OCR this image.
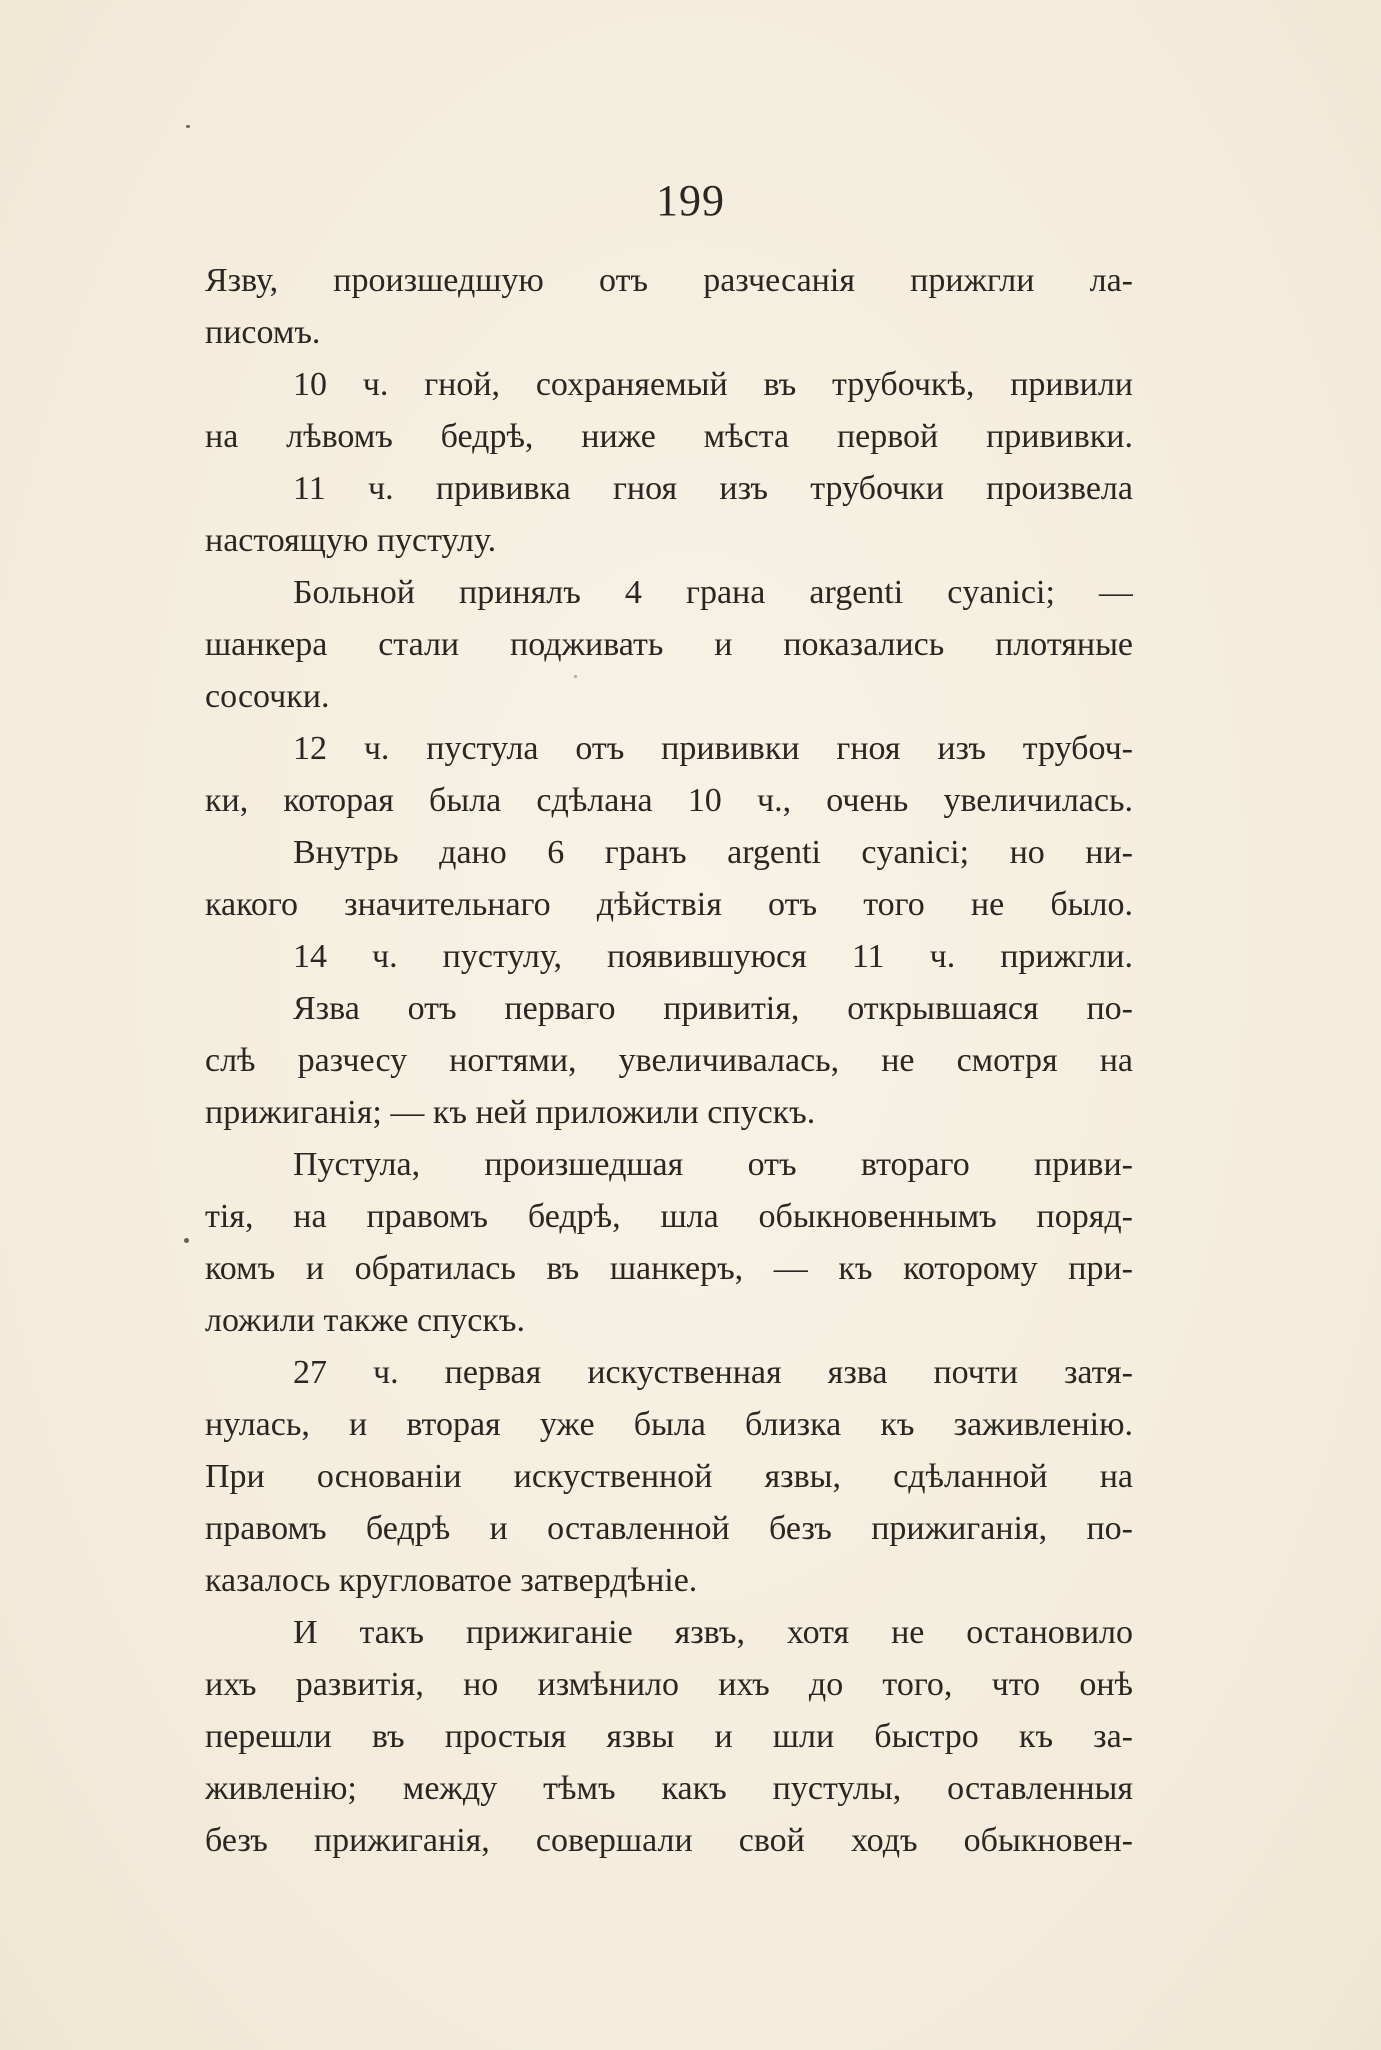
199
Язву, произшедшую отъ разчесанія прижгли ла-
писомъ.
10 ч. гной, сохраняемый въ трубочкѣ, привили
на лѣвомъ бедрѣ, ниже мѣста первой прививки.
11 ч. прививка гноя изъ трубочки произвела
настоящую пустулу.
Больной принялъ 4 грана argenti cyanici; —
шанкера стали подживать и показались плотяные
сосочки.
12 ч. пустула отъ прививки гноя изъ трубоч-
ки, которая была сдѣлана 10 ч., очень увеличилась.
Внутрь дано 6 гранъ argenti cyanici; но ни-
какого значительнаго дѣйствія отъ того не было.
14 ч. пустулу, появившуюся 11 ч. прижгли.
Язва отъ перваго привитія, открывшаяся по-
слѣ разчесу ногтями, увеличивалась, не смотря на
прижиганія; — къ ней приложили спускъ.
Пустула, произшедшая отъ втораго приви-
тія, на правомъ бедрѣ, шла обыкновеннымъ поряд-
комъ и обратилась въ шанкеръ, — къ которому при-
ложили также спускъ.
27 ч. первая искуственная язва почти затя-
нулась, и вторая уже была близка къ заживленію.
При основаніи искуственной язвы, сдѣланной на
правомъ бедрѣ и оставленной безъ прижиганія, по-
казалось кругловатое затвердѣніе.
И такъ прижиганіе язвъ, хотя не остановило
ихъ развитія, но измѣнило ихъ до того, что онѣ
перешли въ простыя язвы и шли быстро къ за-
живленію; между тѣмъ какъ пустулы, оставленныя
безъ прижиганія, совершали свой ходъ обыкновен-
